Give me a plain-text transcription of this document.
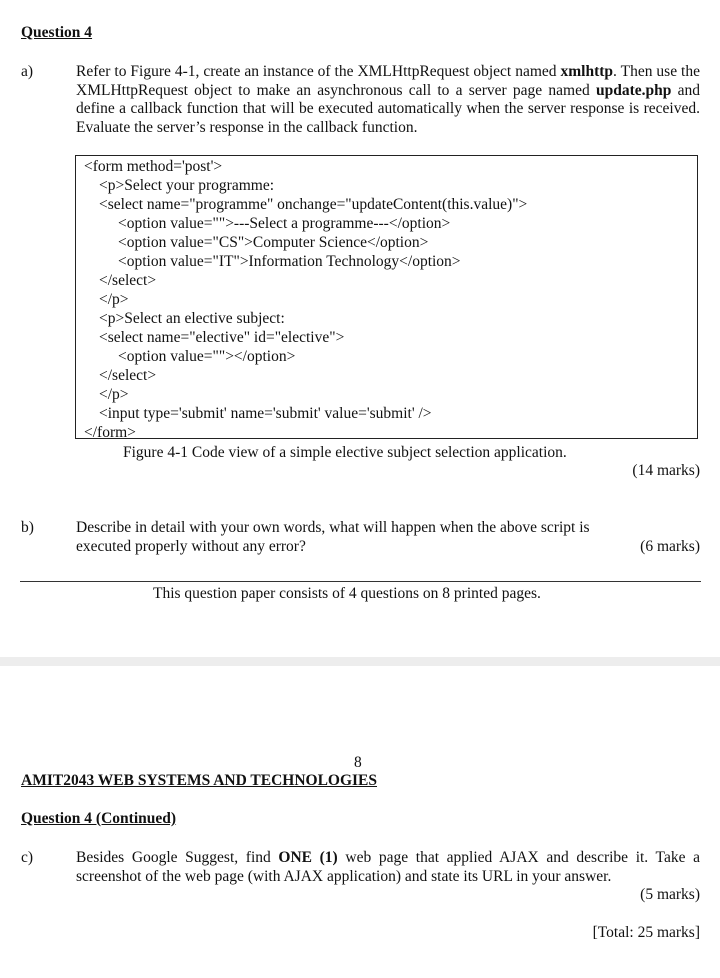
Question 4
a)	Refer to Figure 4-1, create an instance of the XMLHttpRequest object named xmlhttp. Then use the XMLHttpRequest object to make an asynchronous call to a server page named update.php and define a callback function that will be executed automatically when the server response is received. Evaluate the server’s response in the callback function.
<form method='post'>
<p>Select your programme:
<select name="programme" onchange="updateContent(this.value)">
<option value="">---Select a programme---</option>
<option value="CS">Computer Science</option>
<option value="IT">Information Technology</option>
</select>
</p>
<p>Select an elective subject:
<select name="elective" id="elective">
<option value=""></option>
</select>
</p>
<input type='submit' name='submit' value='submit' />
</form>
Figure 4-1 Code view of a simple elective subject selection application.
(14 marks)
b)	Describe in detail with your own words, what will happen when the above script is executed properly without any error?	(6 marks)
This question paper consists of 4 questions on 8 printed pages.
8
AMIT2043 WEB SYSTEMS AND TECHNOLOGIES
Question 4 (Continued)
c)	Besides Google Suggest, find ONE (1) web page that applied AJAX and describe it. Take a screenshot of the web page (with AJAX application) and state its URL in your answer.
(5 marks)
[Total: 25 marks]
